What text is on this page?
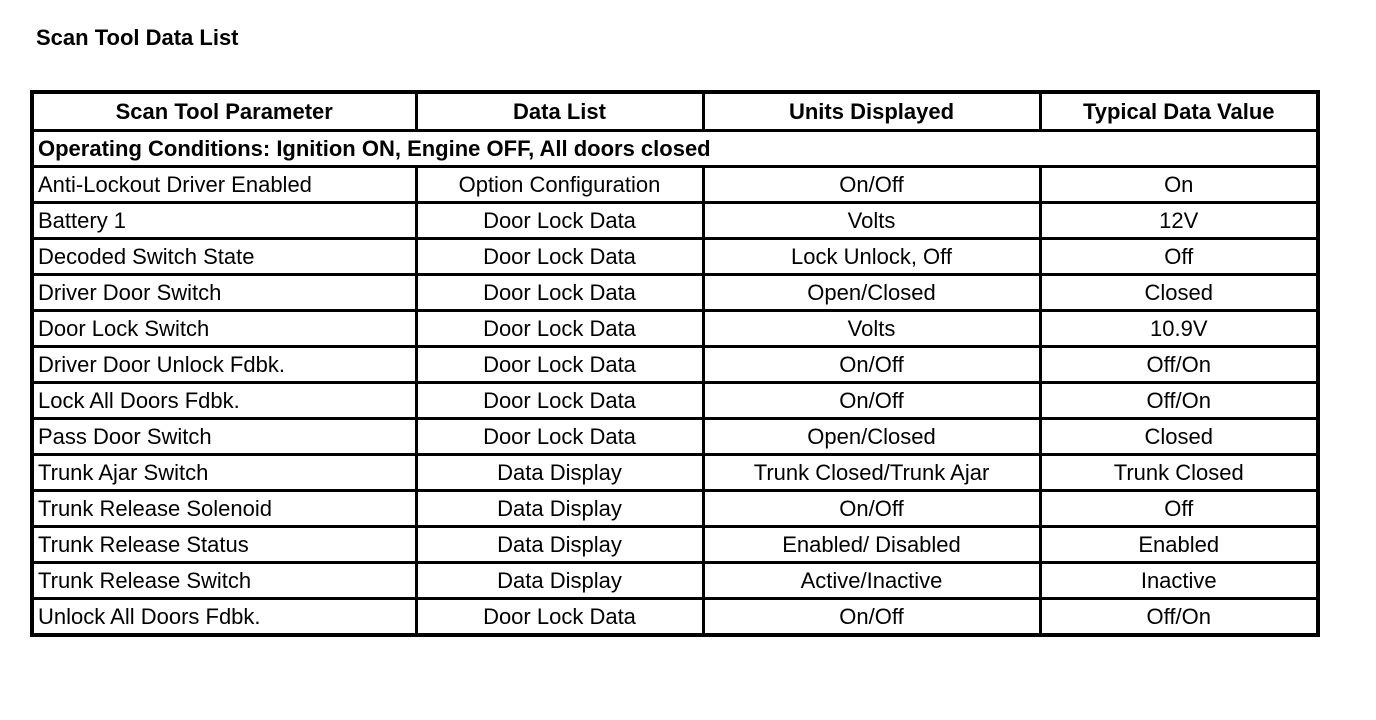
Scan Tool Data List
Scan Tool Parameter	Data List	Units Displayed	Typical Data Value
Operating Conditions: Ignition ON, Engine OFF, All doors closed			
Anti-Lockout Driver Enabled	Option Configuration	On/Off	On
Battery 1	Door Lock Data	Volts	12V
Decoded Switch State	Door Lock Data	Lock Unlock, Off	Off
Driver Door Switch	Door Lock Data	Open/Closed	Closed
Door Lock Switch	Door Lock Data	Volts	10.9V
Driver Door Unlock Fdbk.	Door Lock Data	On/Off	Off/On
Lock All Doors Fdbk.	Door Lock Data	On/Off	Off/On
Pass Door Switch	Door Lock Data	Open/Closed	Closed
Trunk Ajar Switch	Data Display	Trunk Closed/Trunk Ajar	Trunk Closed
Trunk Release Solenoid	Data Display	On/Off	Off
Trunk Release Status	Data Display	Enabled/ Disabled	Enabled
Trunk Release Switch	Data Display	Active/Inactive	Inactive
Unlock All Doors Fdbk.	Door Lock Data	On/Off	Off/On
